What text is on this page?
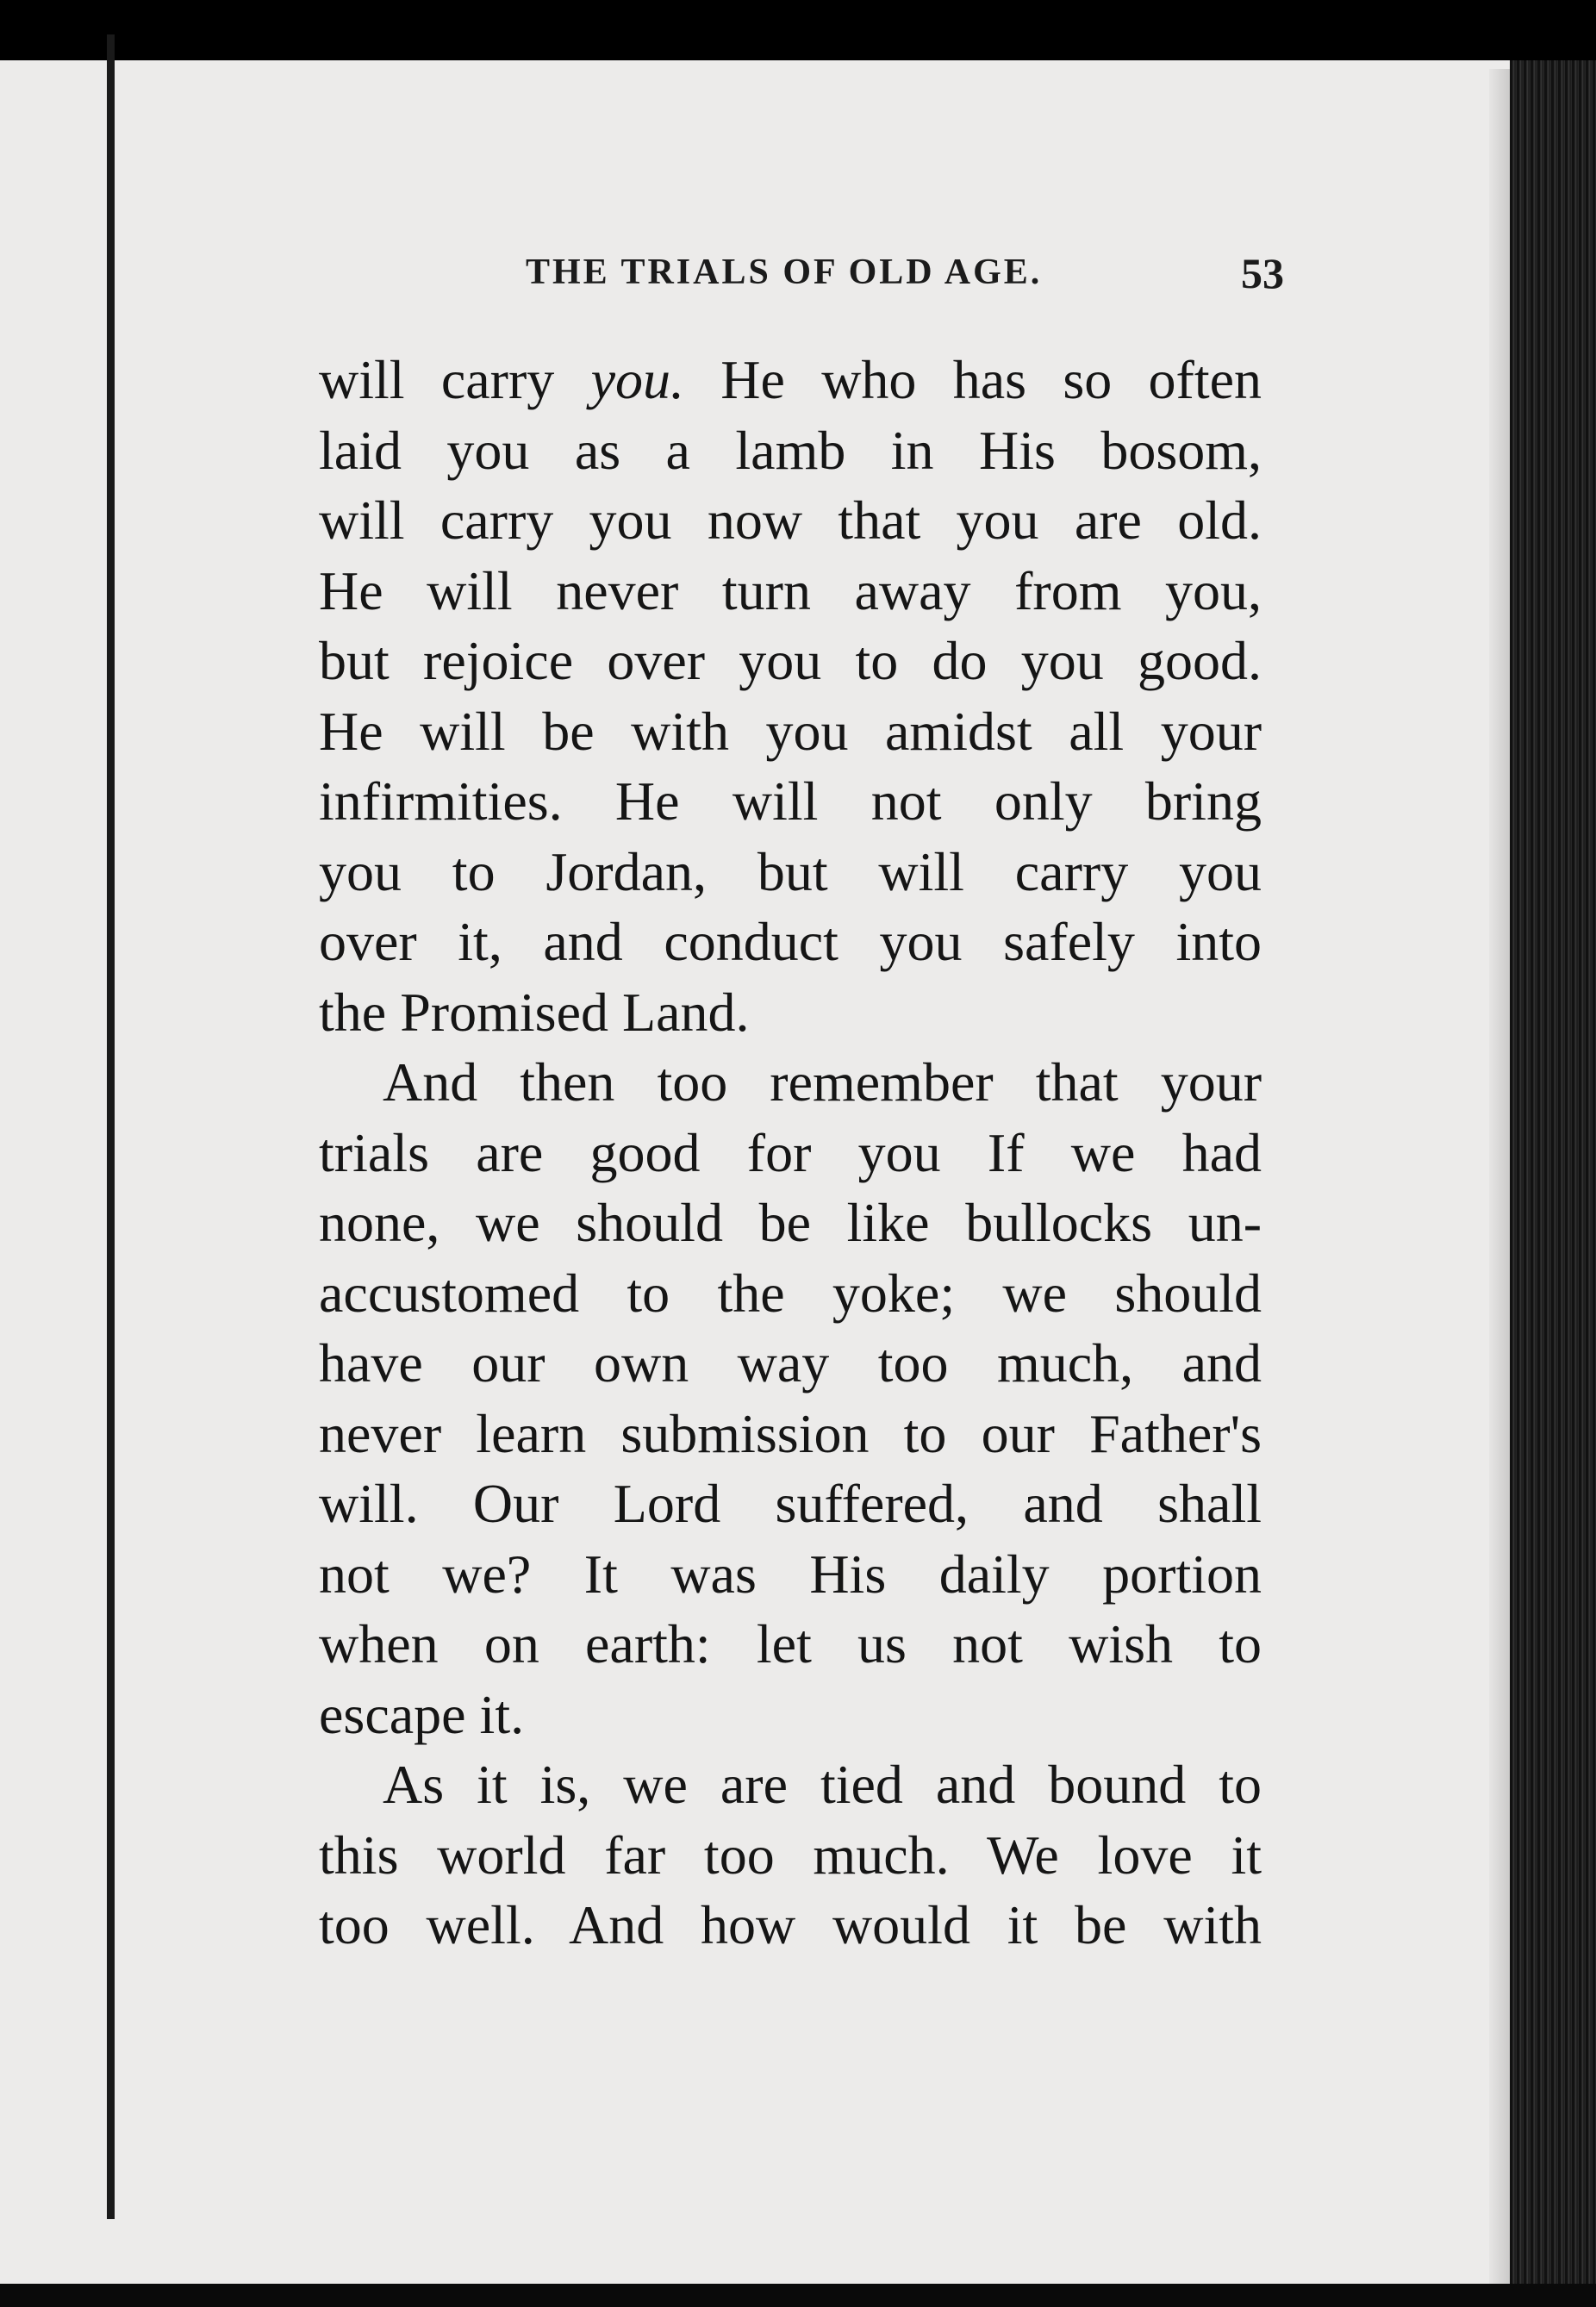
THE TRIALS OF OLD AGE.	53
will carry you. He who has so often
laid you as a lamb in His bosom,
will carry you now that you are old.
He will never turn away from you,
but rejoice over you to do you good.
He will be with you amidst all your
infirmities. He will not only bring
you to Jordan, but will carry you
over it, and conduct you safely into
the Promised Land.
And then too remember that your
trials are good for you If we had
none, we should be like bullocks un-
accustomed to the yoke; we should
have our own way too much, and
never learn submission to our Father's
will. Our Lord suffered, and shall
not we? It was His daily portion
when on earth: let us not wish to
escape it.
As it is, we are tied and bound to
this world far too much. We love it
too well. And how would it be with
